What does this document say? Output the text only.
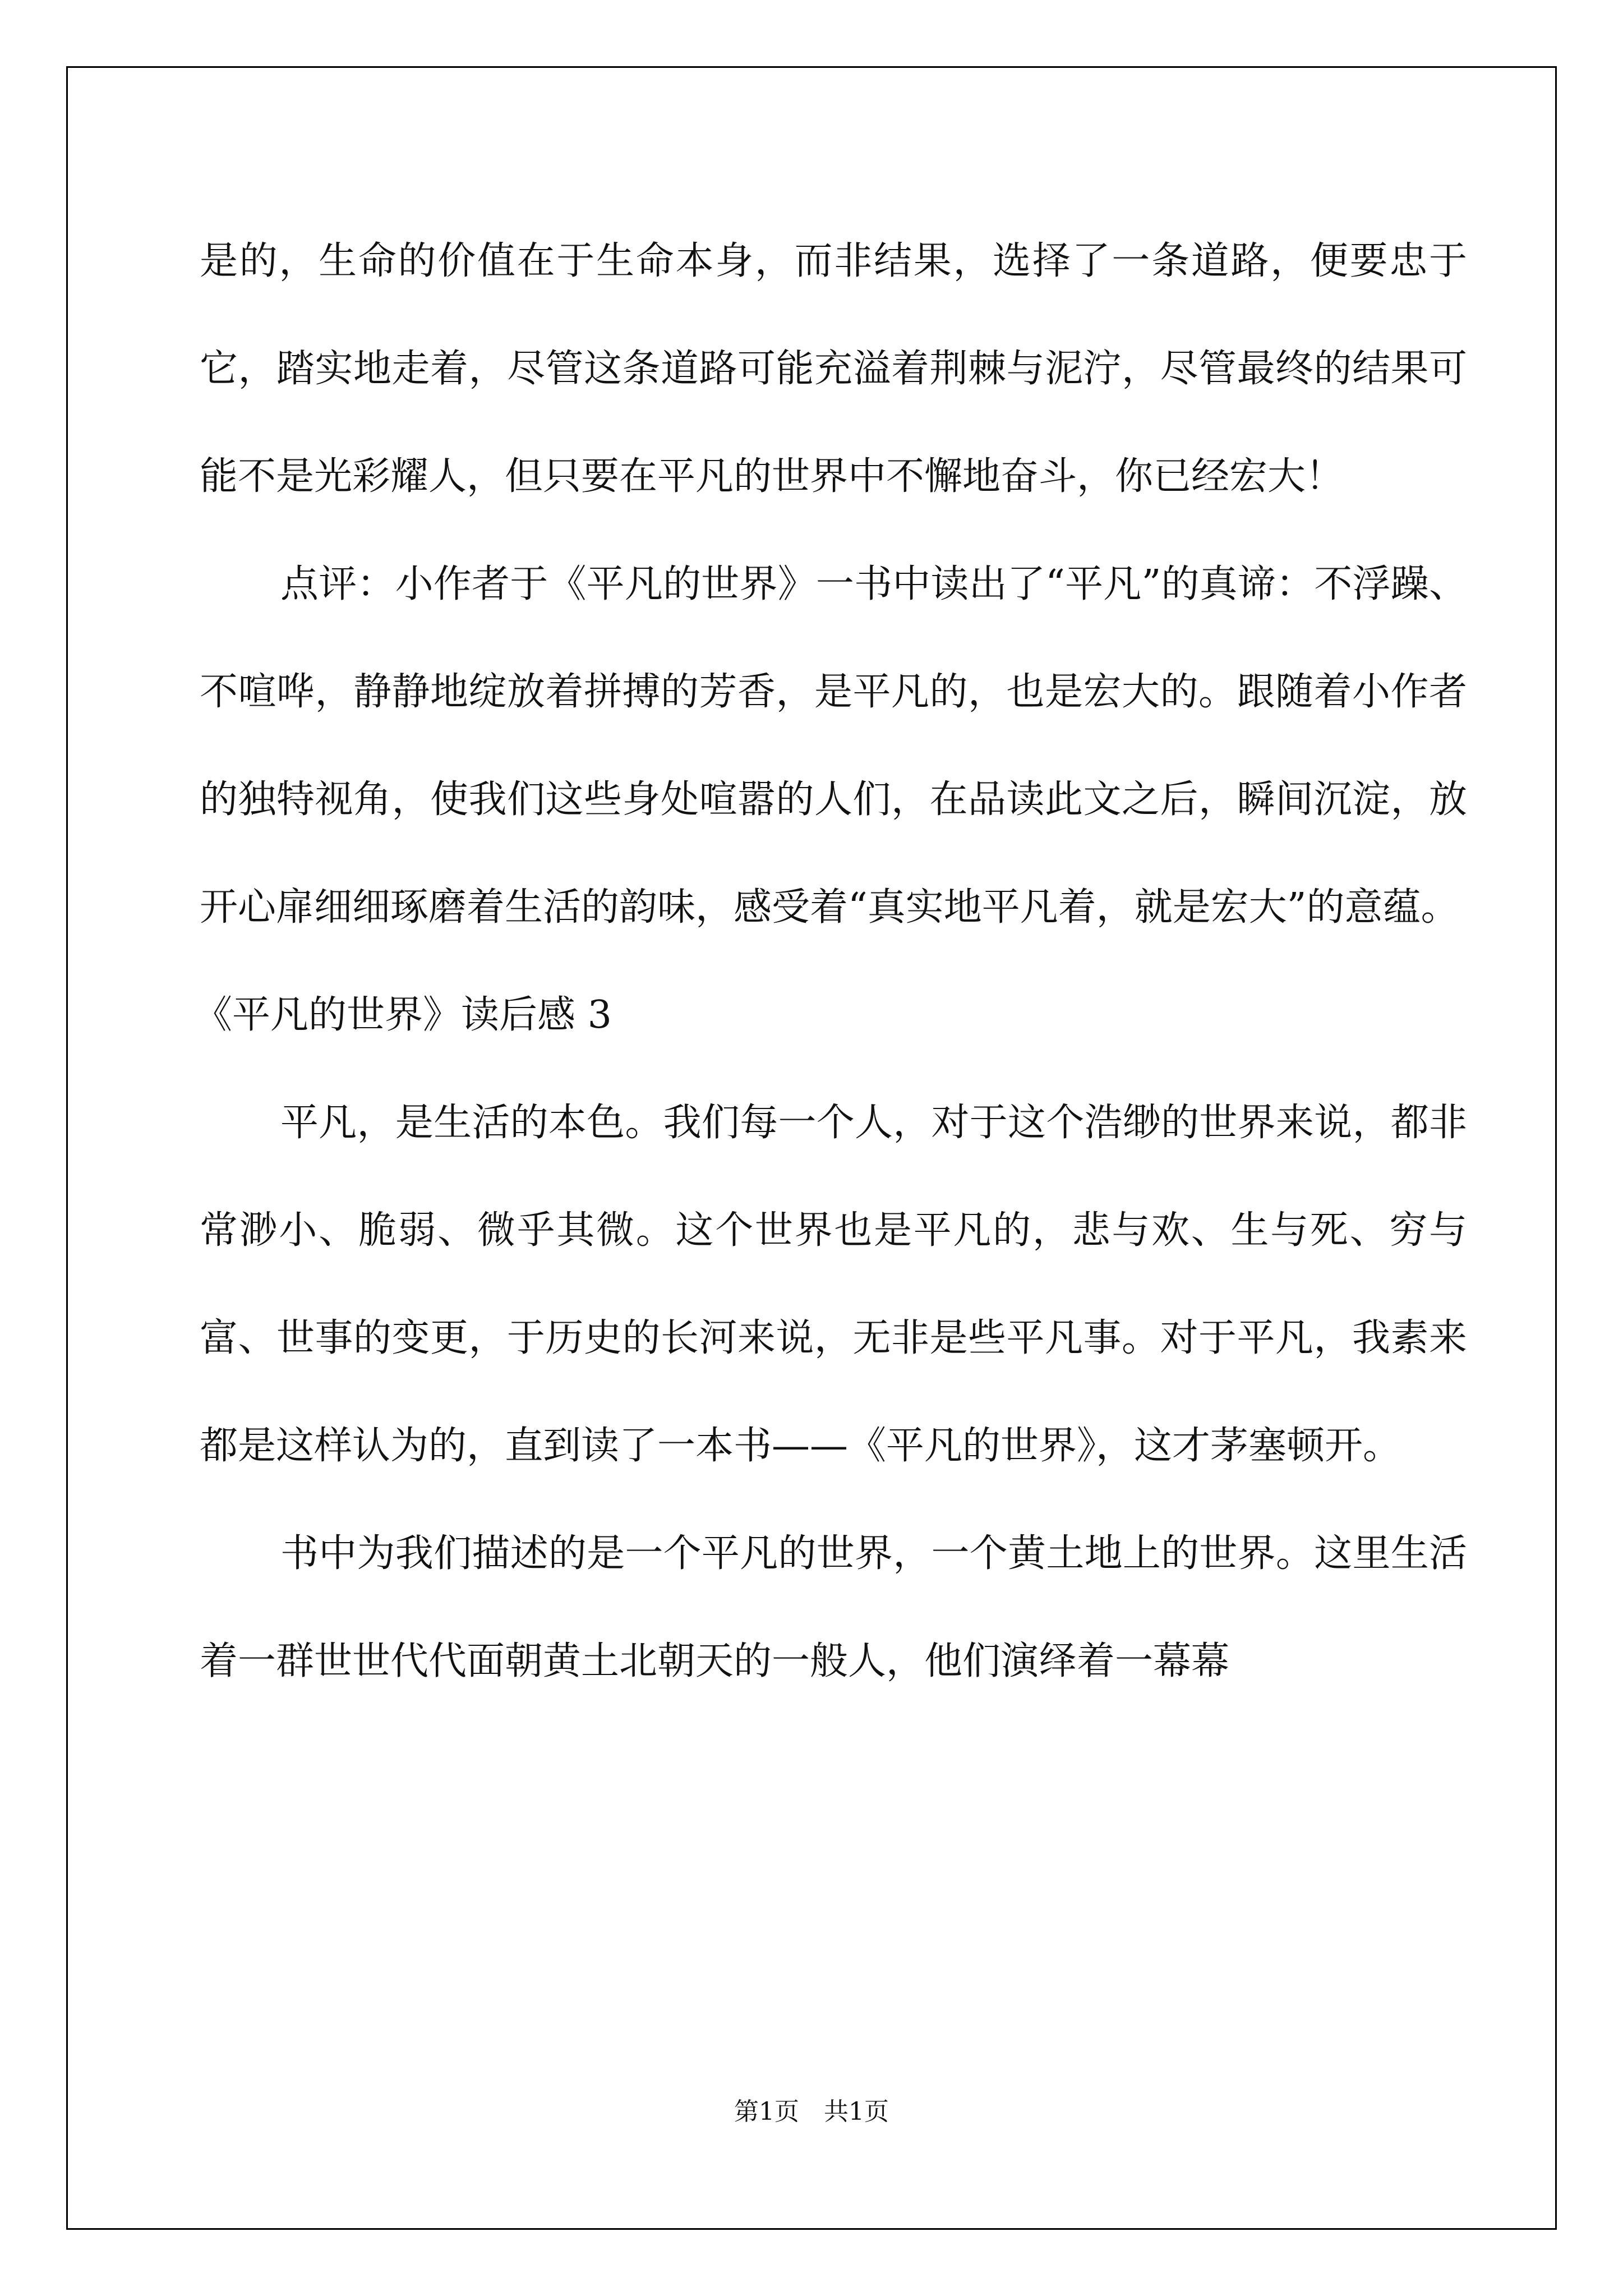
是的，生命的价值在于生命本身，而非结果，选择了一条道路，便要忠于它，踏实地走着，尽管这条道路可能充溢着荆棘与泥泞，尽管最终的结果可能不是光彩耀人，但只要在平凡的世界中不懈地奋斗，你已经宏大！

点评：小作者于《平凡的世界》一书中读出了“平凡”的真谛：不浮躁、不喧哗，静静地绽放着拼搏的芳香，是平凡的，也是宏大的。跟随着小作者的独特视角，使我们这些身处喧嚣的人们，在品读此文之后，瞬间沉淀，放开心扉细细琢磨着生活的韵味，感受着“真实地平凡着，就是宏大”的意蕴。

《平凡的世界》读后感 3

平凡，是生活的本色。我们每一个人，对于这个浩缈的世界来说，都非常渺小、脆弱、微乎其微。这个世界也是平凡的，悲与欢、生与死、穷与富、世事的变更，于历史的长河来说，无非是些平凡事。对于平凡，我素来都是这样认为的，直到读了一本书——《平凡的世界》，这才茅塞顿开。

书中为我们描述的是一个平凡的世界，一个黄土地上的世界。这里生活着一群世世代代面朝黄土北朝天的一般人，他们演绎着一幕幕

第1页　共1页
